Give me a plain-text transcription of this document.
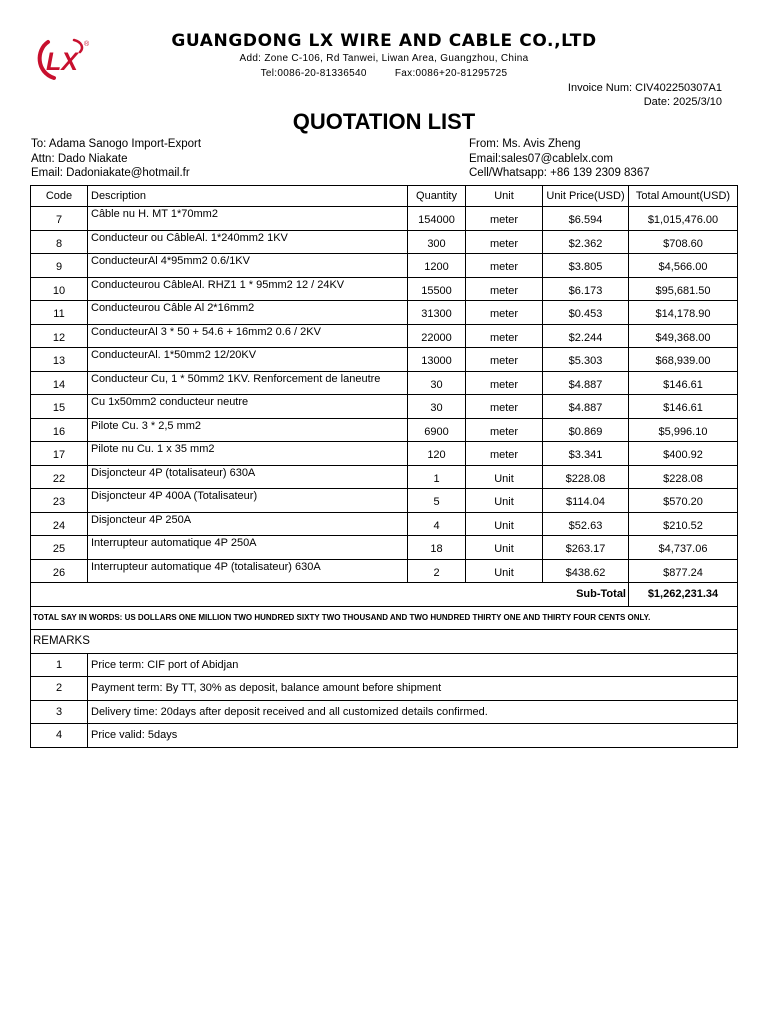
LX
®	GUANGDONG LX WIRE AND CABLE CO.,LTD
Add: Zone C-106, Rd Tanwei, Liwan Area, Guangzhou, China
Tel:0086-20-81336540	Fax:0086+20-81295725
Invoice Num: CIV402250307A1
Date: 2025/3/10
QUOTATION LIST
To: Adama Sanogo Import-Export
Attn: Dado Niakate
Email: Dadoniakate@hotmail.fr
From: Ms. Avis Zheng
Email:sales07@cablelx.com
Cell/Whatsapp: +86 139 2309 8367
Code	Description	Quantity	Unit	Unit Price(USD)	Total Amount(USD)
7	Câble nu H. MT 1*70mm2	154000	meter	$6.594	$1,015,476.00
8	Conducteur ou CâbleAl. 1*240mm2 1KV	300	meter	$2.362	$708.60
9	ConducteurAl 4*95mm2 0.6/1KV	1200	meter	$3.805	$4,566.00
10	Conducteurou CâbleAl. RHZ1 1 * 95mm2 12 / 24KV	15500	meter	$6.173	$95,681.50
11	Conducteurou Câble Al 2*16mm2	31300	meter	$0.453	$14,178.90
12	ConducteurAl 3 * 50 + 54.6 + 16mm2 0.6 / 2KV	22000	meter	$2.244	$49,368.00
13	ConducteurAl. 1*50mm2 12/20KV	13000	meter	$5.303	$68,939.00
14	Conducteur Cu, 1 * 50mm2 1KV. Renforcement de laneutre	30	meter	$4.887	$146.61
15	Cu 1x50mm2 conducteur neutre	30	meter	$4.887	$146.61
16	Pilote Cu. 3 * 2,5 mm2	6900	meter	$0.869	$5,996.10
17	Pilote nu Cu. 1 x 35 mm2	120	meter	$3.341	$400.92
22	Disjoncteur 4P (totalisateur) 630A	1	Unit	$228.08	$228.08
23	Disjoncteur 4P 400A (Totalisateur)	5	Unit	$114.04	$570.20
24	Disjoncteur 4P 250A	4	Unit	$52.63	$210.52
25	Interrupteur automatique 4P 250A	18	Unit	$263.17	$4,737.06
26	Interrupteur automatique 4P (totalisateur) 630A	2	Unit	$438.62	$877.24
Sub-Total					$1,262,231.34
TOTAL SAY IN WORDS: US DOLLARS ONE MILLION TWO HUNDRED SIXTY TWO THOUSAND AND TWO HUNDRED THIRTY ONE AND THIRTY FOUR CENTS ONLY.					
REMARKS					
1	Price term: CIF port of Abidjan				
2	Payment term: By TT, 30% as deposit, balance amount before shipment				
3	Delivery time: 20days after deposit received and all customized details confirmed.				
4	Price valid: 5days				
